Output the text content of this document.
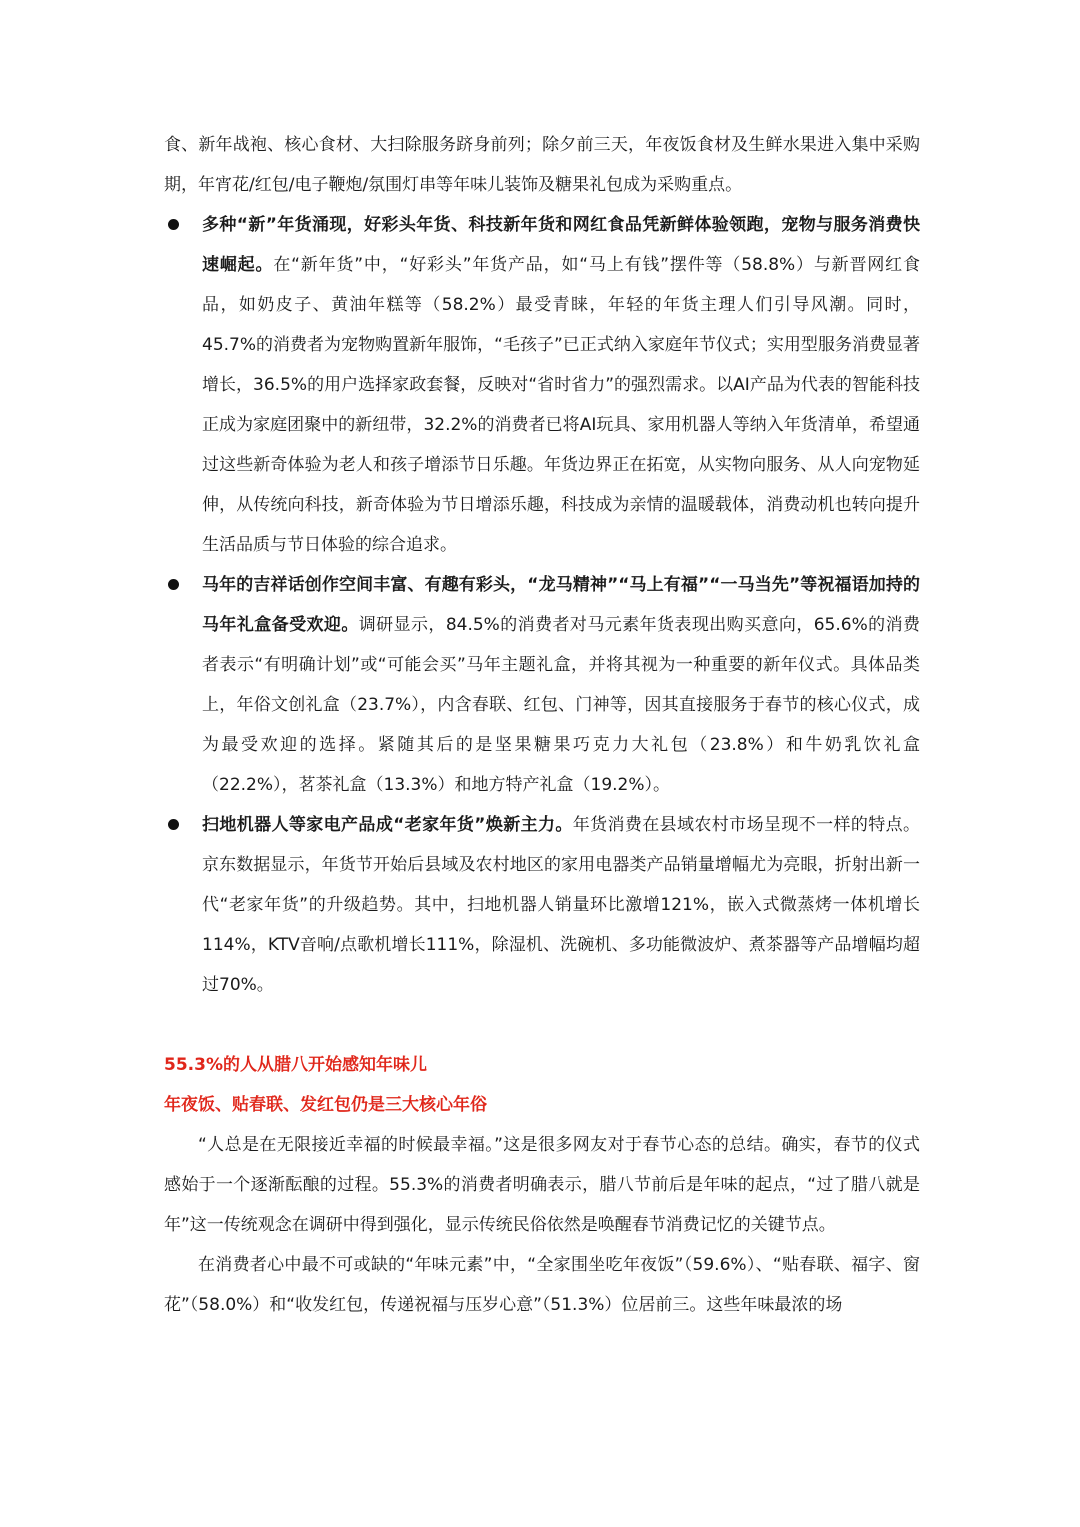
食、新年战袍、核心食材、大扫除服务跻身前列；除夕前三天，年夜饭食材及生鲜水果进入集中采购期，年宵花/红包/电子鞭炮/氛围灯串等年味儿装饰及糖果礼包成为采购重点。

多种“新”年货涌现，好彩头年货、科技新年货和网红食品凭新鲜体验领跑，宠物与服务消费快速崛起。在“新年货”中，“好彩头”年货产品，如“马上有钱”摆件等（58.8%）与新晋网红食品，如奶皮子、黄油年糕等（58.2%）最受青睐，年轻的年货主理人们引导风潮。同时，45.7%的消费者为宠物购置新年服饰，“毛孩子”已正式纳入家庭年节仪式；实用型服务消费显著增长，36.5%的用户选择家政套餐，反映对“省时省力”的强烈需求。以AI产品为代表的智能科技正成为家庭团聚中的新纽带，32.2%的消费者已将AI玩具、家用机器人等纳入年货清单，希望通过这些新奇体验为老人和孩子增添节日乐趣。年货边界正在拓宽，从实物向服务、从人向宠物延伸，从传统向科技，新奇体验为节日增添乐趣，科技成为亲情的温暖载体，消费动机也转向提升生活品质与节日体验的综合追求。

马年的吉祥话创作空间丰富、有趣有彩头，“龙马精神”“马上有福”“一马当先”等祝福语加持的马年礼盒备受欢迎。调研显示，84.5%的消费者对马元素年货表现出购买意向，65.6%的消费者表示“有明确计划”或“可能会买”马年主题礼盒，并将其视为一种重要的新年仪式。具体品类上，年俗文创礼盒（23.7%），内含春联、红包、门神等，因其直接服务于春节的核心仪式，成为最受欢迎的选择。紧随其后的是坚果糖果巧克力大礼包（23.8%）和牛奶乳饮礼盒（22.2%），茗茶礼盒（13.3%）和地方特产礼盒（19.2%）。

扫地机器人等家电产品成“老家年货”焕新主力。年货消费在县域农村市场呈现不一样的特点。京东数据显示，年货节开始后县域及农村地区的家用电器类产品销量增幅尤为亮眼，折射出新一代“老家年货”的升级趋势。其中，扫地机器人销量环比激增121%，嵌入式微蒸烤一体机增长114%，KTV音响/点歌机增长111%，除湿机、洗碗机、多功能微波炉、煮茶器等产品增幅均超过70%。

55.3%的人从腊八开始感知年味儿
年夜饭、贴春联、发红包仍是三大核心年俗

“人总是在无限接近幸福的时候最幸福。”这是很多网友对于春节心态的总结。确实，春节的仪式感始于一个逐渐酝酿的过程。55.3%的消费者明确表示，腊八节前后是年味的起点，“过了腊八就是年”这一传统观念在调研中得到强化，显示传统民俗依然是唤醒春节消费记忆的关键节点。

在消费者心中最不可或缺的“年味元素”中，“全家围坐吃年夜饭”（59.6%）、“贴春联、福字、窗花”（58.0%）和“收发红包，传递祝福与压岁心意”（51.3%）位居前三。这些年味最浓的场
